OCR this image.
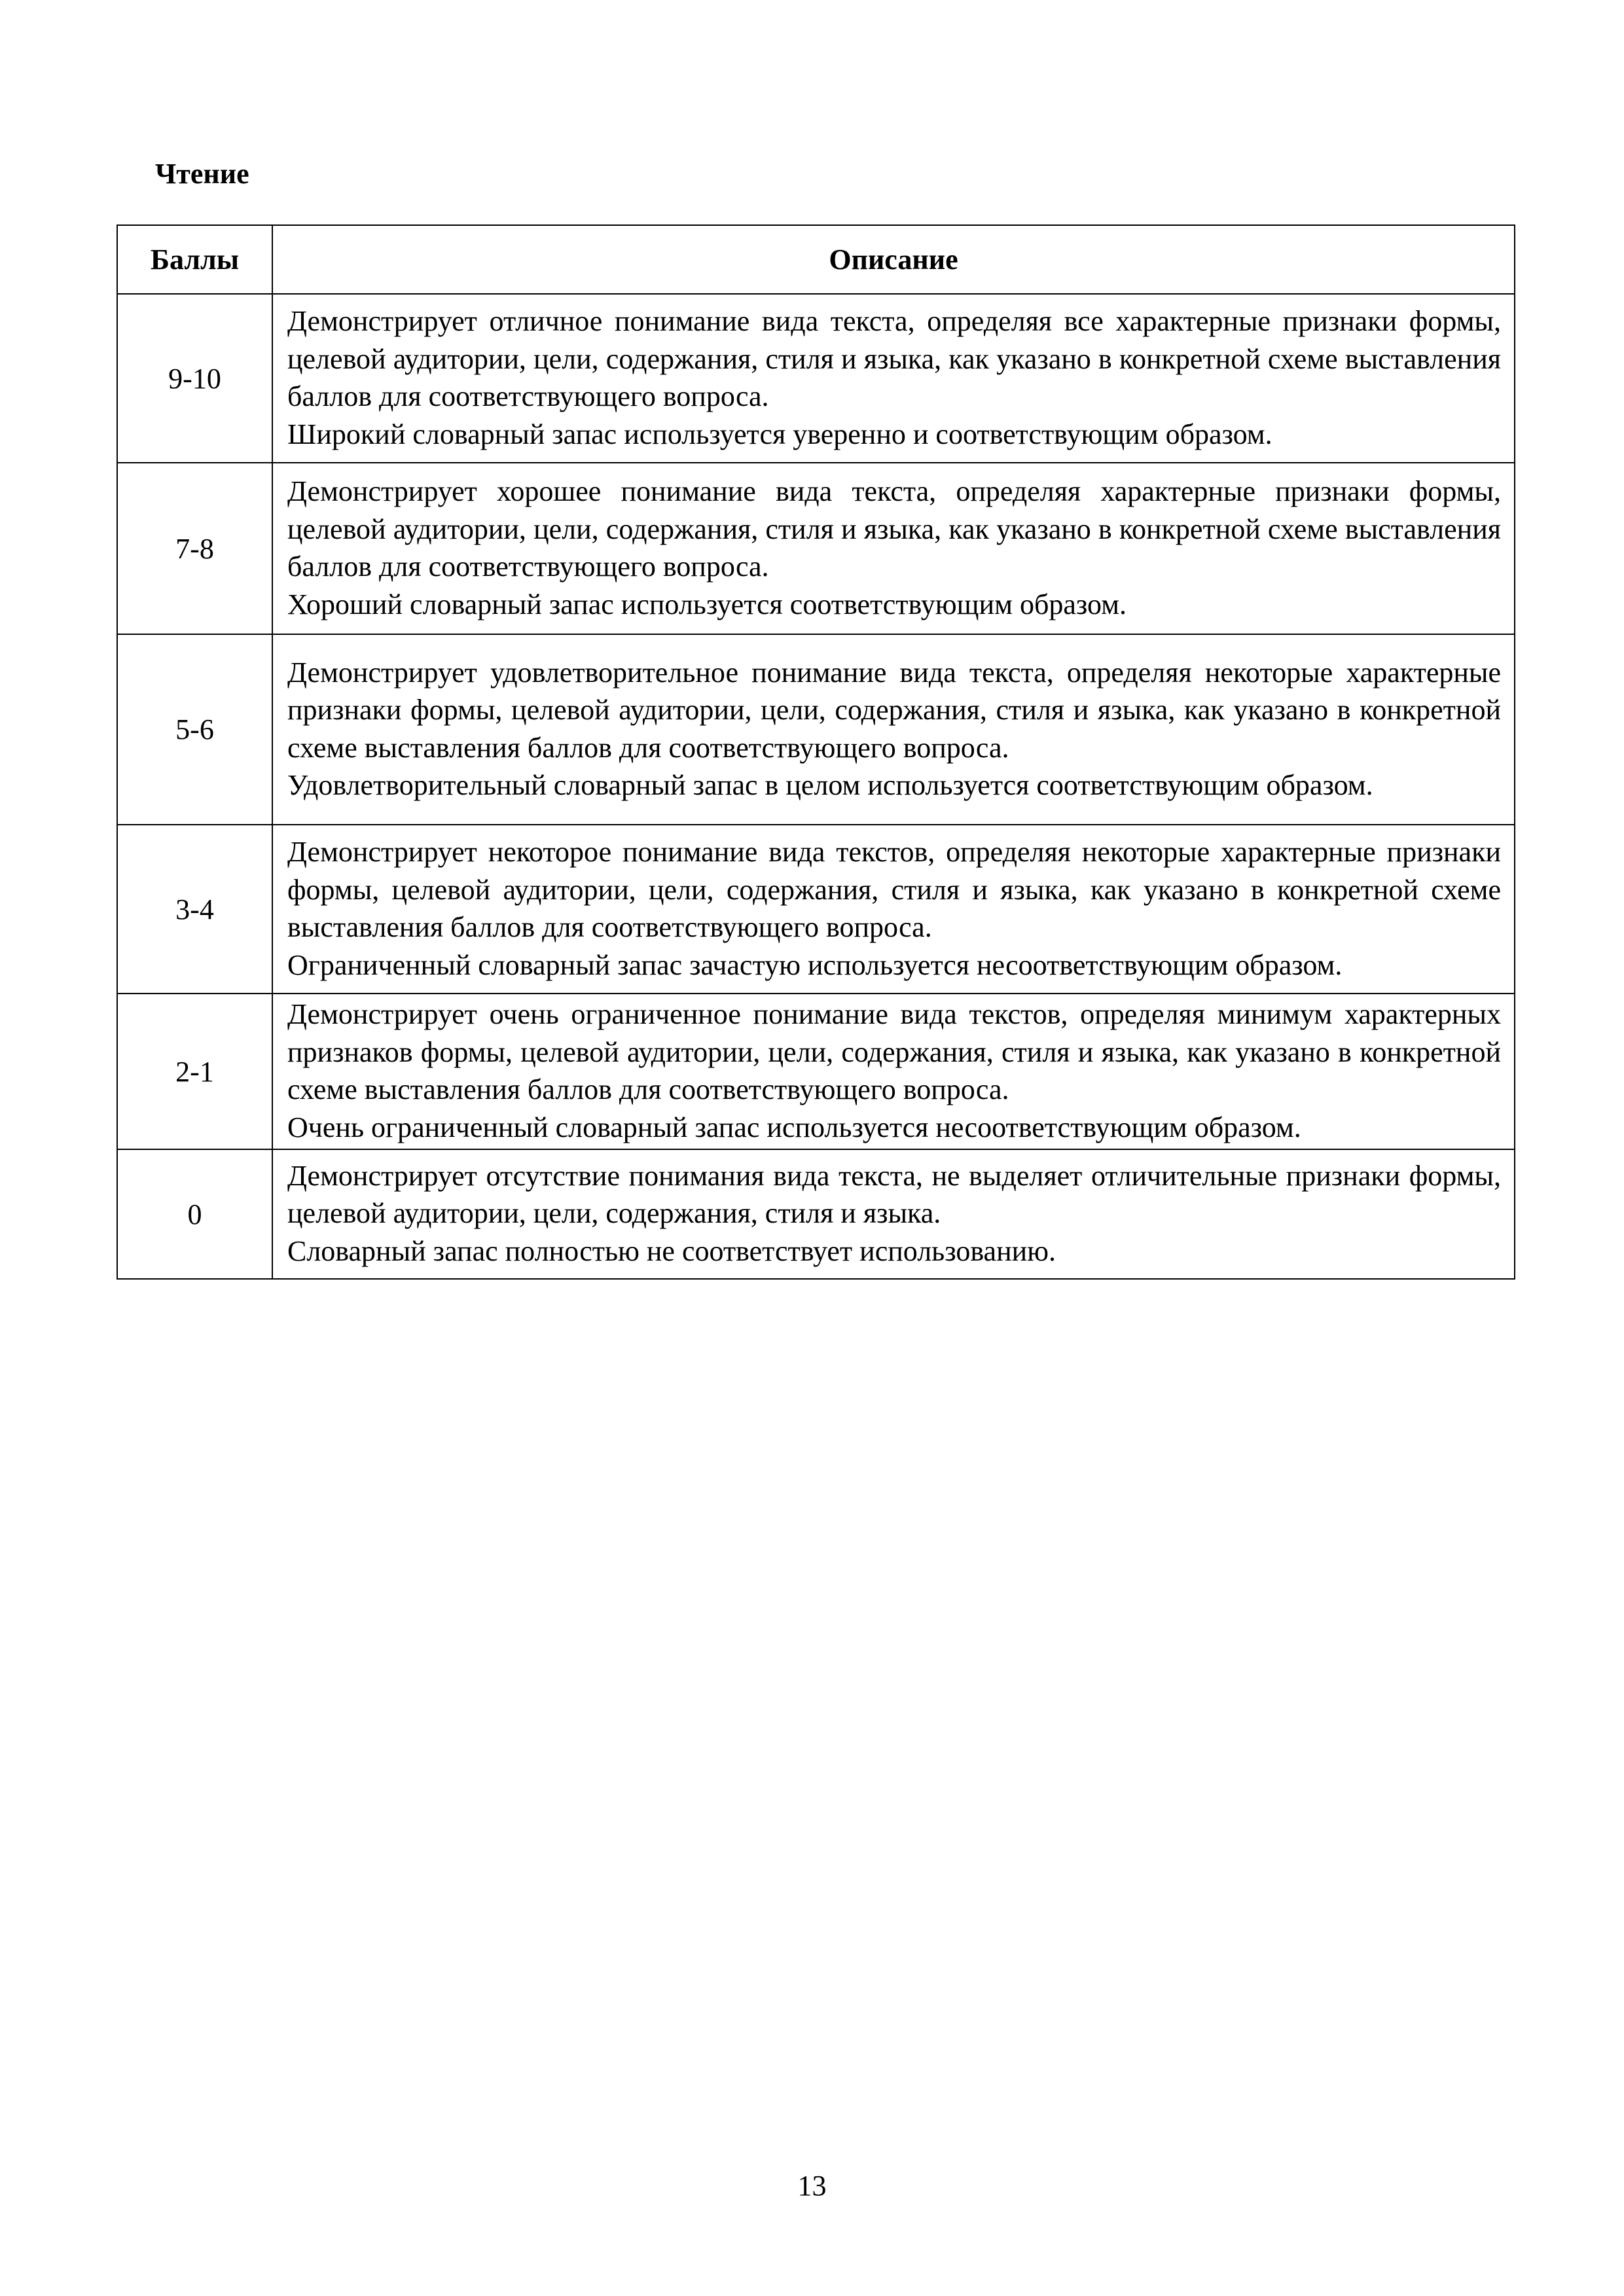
Чтение
Баллы	Описание
9-10	Демонстрирует отличное понимание вида текста, определяя все характерные признаки формы, целевой аудитории, цели, содержания, стиля и языка, как указано в конкретной схеме выставления баллов для соответствующего вопроса.

Широкий словарный запас используется уверенно и соответствующим образом.

7-8	Демонстрирует хорошее понимание вида текста, определяя характерные признаки формы, целевой аудитории, цели, содержания, стиля и языка, как указано в конкретной схеме выставления баллов для соответствующего вопроса.

Хороший словарный запас используется соответствующим образом.

5-6	Демонстрирует удовлетворительное понимание вида текста, определяя некоторые характерные признаки формы, целевой аудитории, цели, содержания, стиля и языка, как указано в конкретной схеме выставления баллов для соответствующего вопроса.

Удовлетворительный словарный запас в целом используется соответствующим образом.

3-4	Демонстрирует некоторое понимание вида текстов, определяя некоторые характерные признаки формы, целевой аудитории, цели, содержания, стиля и языка, как указано в конкретной схеме выставления баллов для соответствующего вопроса.

Ограниченный словарный запас зачастую используется несоответствующим образом.

2-1	Демонстрирует очень ограниченное понимание вида текстов, определяя минимум характерных признаков формы, целевой аудитории, цели, содержания, стиля и языка, как указано в конкретной схеме выставления баллов для соответствующего вопроса.

Очень ограниченный словарный запас используется несоответствующим образом.

0	Демонстрирует отсутствие понимания вида текста, не выделяет отличительные признаки формы, целевой аудитории, цели, содержания, стиля и языка.

Словарный запас полностью не соответствует использованию.

13
